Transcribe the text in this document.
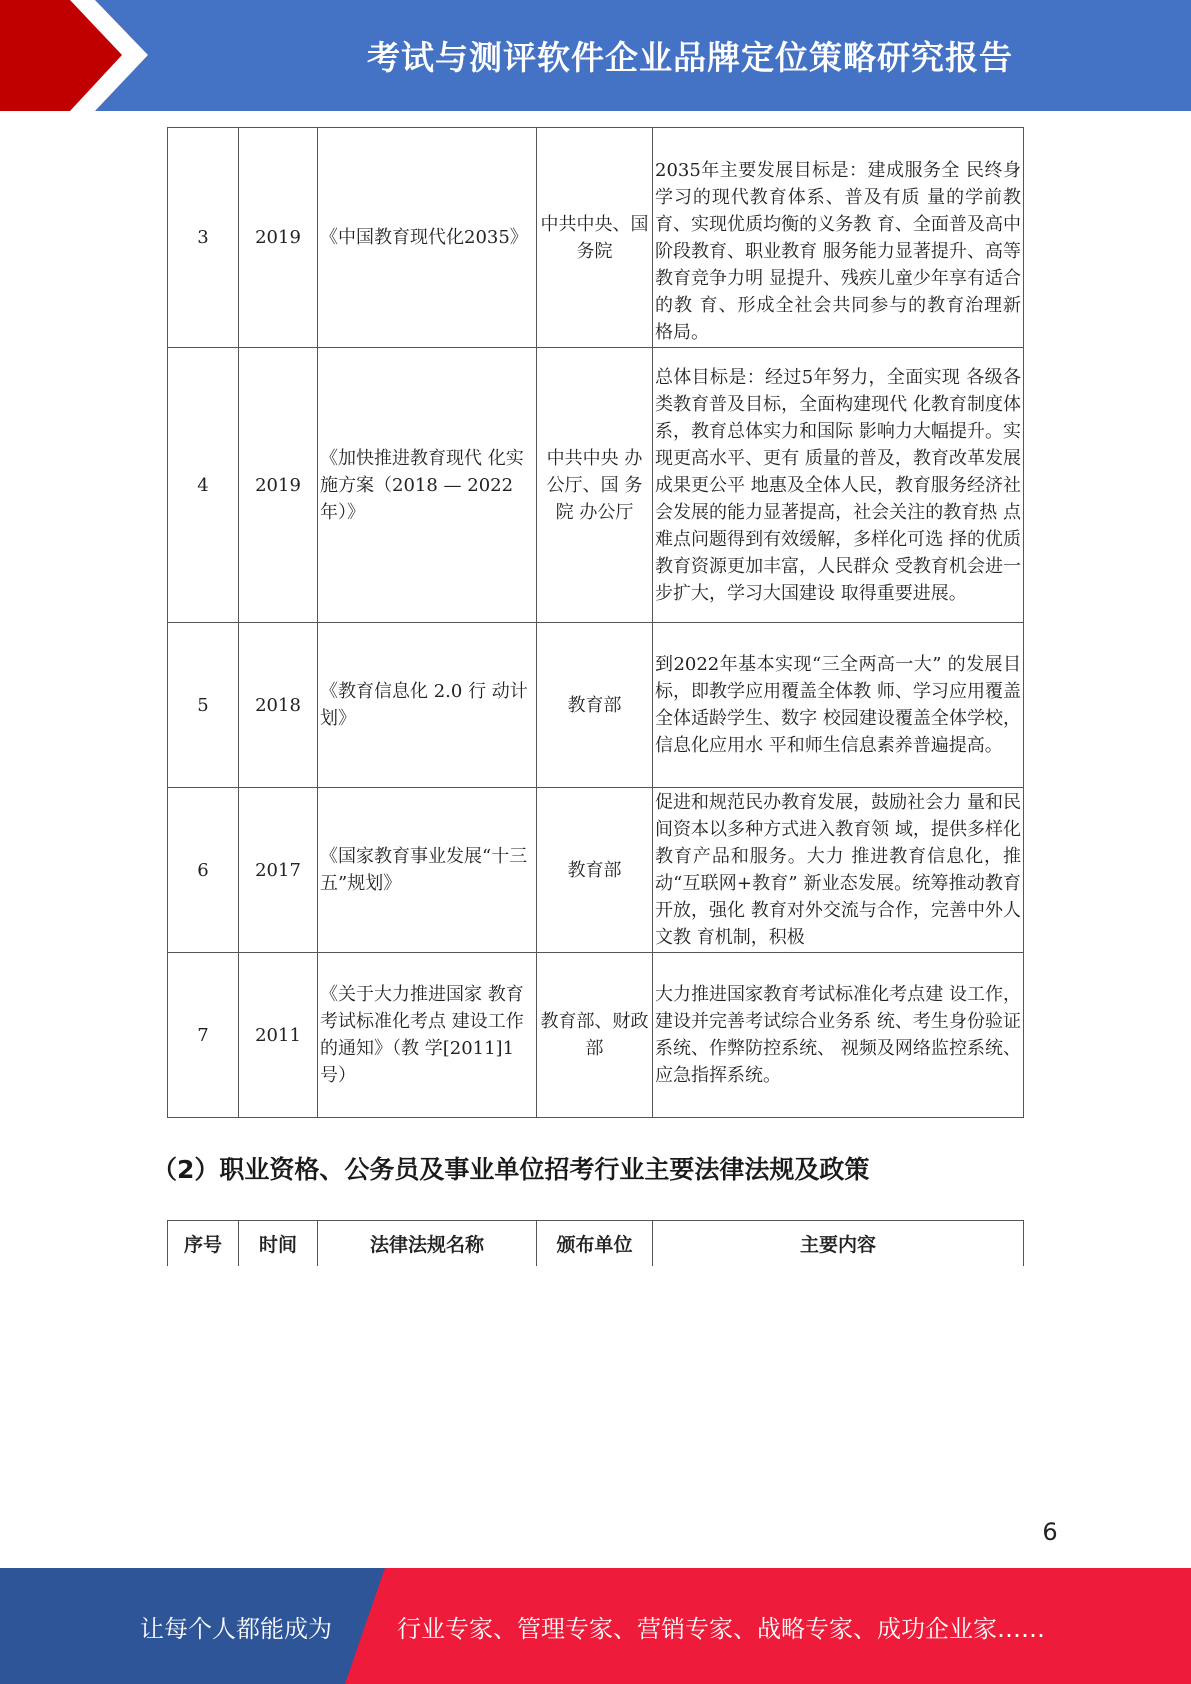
考试与测评软件企业品牌定位策略研究报告
3	2019	《中国教育现代化2035》	中共中央、国务院	2035年主要发展目标是：建成服务全 民终身学习的现代教育体系、普及有质 量的学前教育、实现优质均衡的义务教 育、全面普及高中阶段教育、职业教育 服务能力显著提升、高等教育竞争力明 显提升、残疾儿童少年享有适合的教 育、形成全社会共同参与的教育治理新 格局。
4	2019	《加快推进教育现代 化实施方案（2018 — 2022年）》	中共中央 办公厅、国 务院 办公厅	总体目标是：经过5年努力，全面实现 各级各类教育普及目标，全面构建现代 化教育制度体系，教育总体实力和国际 影响力大幅提升。实现更高水平、更有 质量的普及，教育改革发展成果更公平 地惠及全体人民，教育服务经济社会发展的能力显著提高，社会关注的教育热 点难点问题得到有效缓解，多样化可选 择的优质教育资源更加丰富，人民群众 受教育机会进一步扩大，学习大国建设 取得重要进展。
5	2018	《教育信息化 2.0 行 动计划》	教育部	到2022年基本实现“三全两高一大” 的发展目标，即教学应用覆盖全体教 师、学习应用覆盖全体适龄学生、数字 校园建设覆盖全体学校，信息化应用水 平和师生信息素养普遍提高。
6	2017	《国家教育事业发展“十三五”规划》	教育部	促进和规范民办教育发展，鼓励社会力 量和民间资本以多种方式进入教育领 域，提供多样化教育产品和服务。大力 推进教育信息化，推动“互联网+教育” 新业态发展。统筹推动教育开放，强化 教育对外交流与合作，完善中外人文教 育机制，积极
7	2011	《关于大力推进国家 教育考试标准化考点 建设工作的通知》（教 学[2011]1 号）	教育部、财政部	大力推进国家教育考试标准化考点建 设工作，建设并完善考试综合业务系 统、考生身份验证系统、作弊防控系统、 视频及网络监控系统、应急指挥系统。
（2）职业资格、公务员及事业单位招考行业主要法律法规及政策
序号	时间	法律法规名称	颁布单位	主要内容
6
让每个人都能成为	行业专家、管理专家、营销专家、战略专家、成功企业家……
